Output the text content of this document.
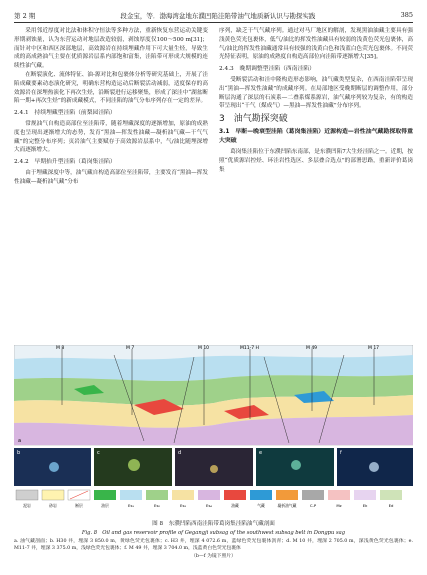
第 2 期	段金宝，等．渤海湾盆地东濮凹陷洼陷带油气地质新认识与勘探实践	385

采用邻近厚度对比法和体积守恒法等多种方法，重新恢复东营运动关键变形期剥蚀量，认为东营运动对地层改造较弱，剥蚀厚度仅100～500 m[31]；而针对中区和西区深部地层，高效源岩在持续埋藏作用下可大量生烃，导致生成的高成熟油气主要在优质源岩层系内部饱和富集，洼陷带可形成大规模的连续性油气藏。

在断裂演化、流体特征、油-源对比和包裹体分析等研究基础上，开展了洼陷成藏要素动态演化研究，明确东营构造运动后断裂活动减弱，适度保存的高效源岩在深埋热演化下再次生烃，沿断裂进行运移聚集，形成了深洼中“湖盆断陷一期+再次生烃”的新成藏模式，不同洼陷的油气分布序列存在一定的差异。

2.4.1　持续埋藏型洼陷（前梨园洼陷）

常规油气自构造高部位至洼陷带，随着埋藏深度的逐渐增加，原油的成熟度也呈现出逐渐增大的态势，发育“黑油—挥发性油藏—凝析油气藏—干气气藏”的完整分布序列；页岩油气主要赋存于高效源岩层系中，气/油比随埋深增大而逐渐增大。

2.4.2　早期抬升型洼陷（葛岗集洼陷）

由于埋藏深度中等，油气藏自构造高部位至洼陷带，主要发育“黑油—挥发性油藏—凝析油气藏”分布

序列，缺乏干气气藏序列。通过对马厂地区的解剖，发现黑油油藏主要具有强浅黄色荧光包裹体，低气/油比的挥发性油藏具有较弱的浅黄色荧光包裹体，高气/油比的挥发性油藏通常具有较强的浅黄白色和浅蓝白色荧光包裹体。不同荧光特征表明，原油的成熟度自构造高部位向洼陷带逐渐增大[35]。

2.4.3　晚期调整型洼陷（西南洼陷）

受断裂活动和洼中隆构造形态影响，油气藏类型复杂，在西南洼陷带呈现出“黑油—挥发性油藏”的成藏序列。在局部地区受晚期断层的调整作用，部分断层沟通了深层的石炭系—二叠系煤系源岩，油气藏序列较为复杂，有的构造带呈现出“干气（煤成气）—黑油—挥发性油藏”分布序列。

3　油气勘探突破
3.1　早断—晚衰型洼陷（葛岗集洼陷）近源构造—岩性油气藏勘探取得重大突破

葛岗集洼陷位于东濮凹陷东南部，是东濮凹陷7大生烃洼陷之一。近期，按照“优质源岩控烃、环洼岩性选区、多层叠合选点”的部署思路，重新评价葛岗集

M 8	M 7	M 10	M11-7 H	M 49	M 17
a
b	c	d	e	f
泥岩	砂岩	断层	油层	Es₁	Es₂	Es₃	Es₄	油藏	气藏	凝析油气藏	C-P	Mz	Ek	Ed
图 8　东濮凹陷西南洼陷带葛岗集洼陷油气藏剖面
Fig. 8　Oil and gas reservoir profile of Gegangji subsag of the southwest subsag belt in Dongpu sag
a. 油气藏剖面；b. H30 井，埋深 3 850.0 m，黄绿色荧光包裹体；c. H3 井，埋深 4 072.6 m，蓝绿色荧光包裹体沥青；d. M 10 井，埋深 2 705.0 m，深浅黄色荧光包裹体；e. M11-7 井，埋深 3 375.0 m，浅绿色荧光包裹体；f. M 49 井，埋深 3 704.0 m，浅蓝黄白色荧光包裹体
（b—f 为镜下照片）
